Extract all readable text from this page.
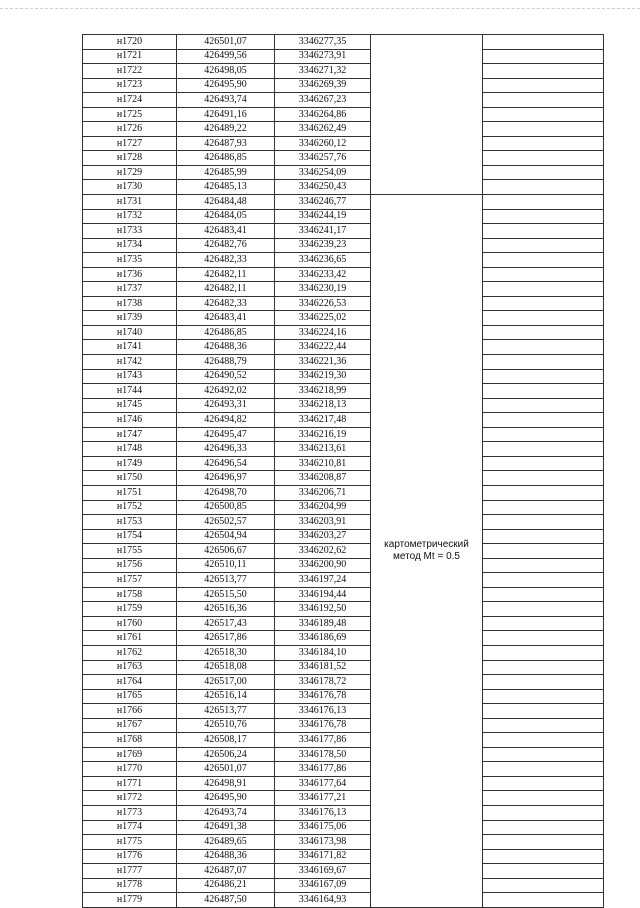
н1720	426501,07	3346277,35		
н1721	426499,56	3346273,91		
н1722	426498,05	3346271,32		
н1723	426495,90	3346269,39		
н1724	426493,74	3346267,23		
н1725	426491,16	3346264,86		
н1726	426489,22	3346262,49		
н1727	426487,93	3346260,12		
н1728	426486,85	3346257,76		
н1729	426485,99	3346254,09		
н1730	426485,13	3346250,43		
н1731	426484,48	3346246,77	картометрический
метод Mt = 0.5	

н1732	426484,05	3346244,19		
н1733	426483,41	3346241,17		
н1734	426482,76	3346239,23		
н1735	426482,33	3346236,65		
н1736	426482,11	3346233,42		
н1737	426482,11	3346230,19		
н1738	426482,33	3346226,53		
н1739	426483,41	3346225,02		
н1740	426486,85	3346224,16		
н1741	426488,36	3346222,44		
н1742	426488,79	3346221,36		
н1743	426490,52	3346219,30		
н1744	426492,02	3346218,99		
н1745	426493,31	3346218,13		
н1746	426494,82	3346217,48		
н1747	426495,47	3346216,19		
н1748	426496,33	3346213,61		
н1749	426496,54	3346210,81		
н1750	426496,97	3346208,87		
н1751	426498,70	3346206,71		
н1752	426500,85	3346204,99		
н1753	426502,57	3346203,91		
н1754	426504,94	3346203,27		
н1755	426506,67	3346202,62		
н1756	426510,11	3346200,90		
н1757	426513,77	3346197,24		
н1758	426515,50	3346194,44		
н1759	426516,36	3346192,50		
н1760	426517,43	3346189,48		
н1761	426517,86	3346186,69		
н1762	426518,30	3346184,10		
н1763	426518,08	3346181,52		
н1764	426517,00	3346178,72		
н1765	426516,14	3346176,78		
н1766	426513,77	3346176,13		
н1767	426510,76	3346176,78		
н1768	426508,17	3346177,86		
н1769	426506,24	3346178,50		
н1770	426501,07	3346177,86		
н1771	426498,91	3346177,64		
н1772	426495,90	3346177,21		
н1773	426493,74	3346176,13		
н1774	426491,38	3346175,06		
н1775	426489,65	3346173,98		
н1776	426488,36	3346171,82		
н1777	426487,07	3346169,67		
н1778	426486,21	3346167,09		
н1779	426487,50	3346164,93		
